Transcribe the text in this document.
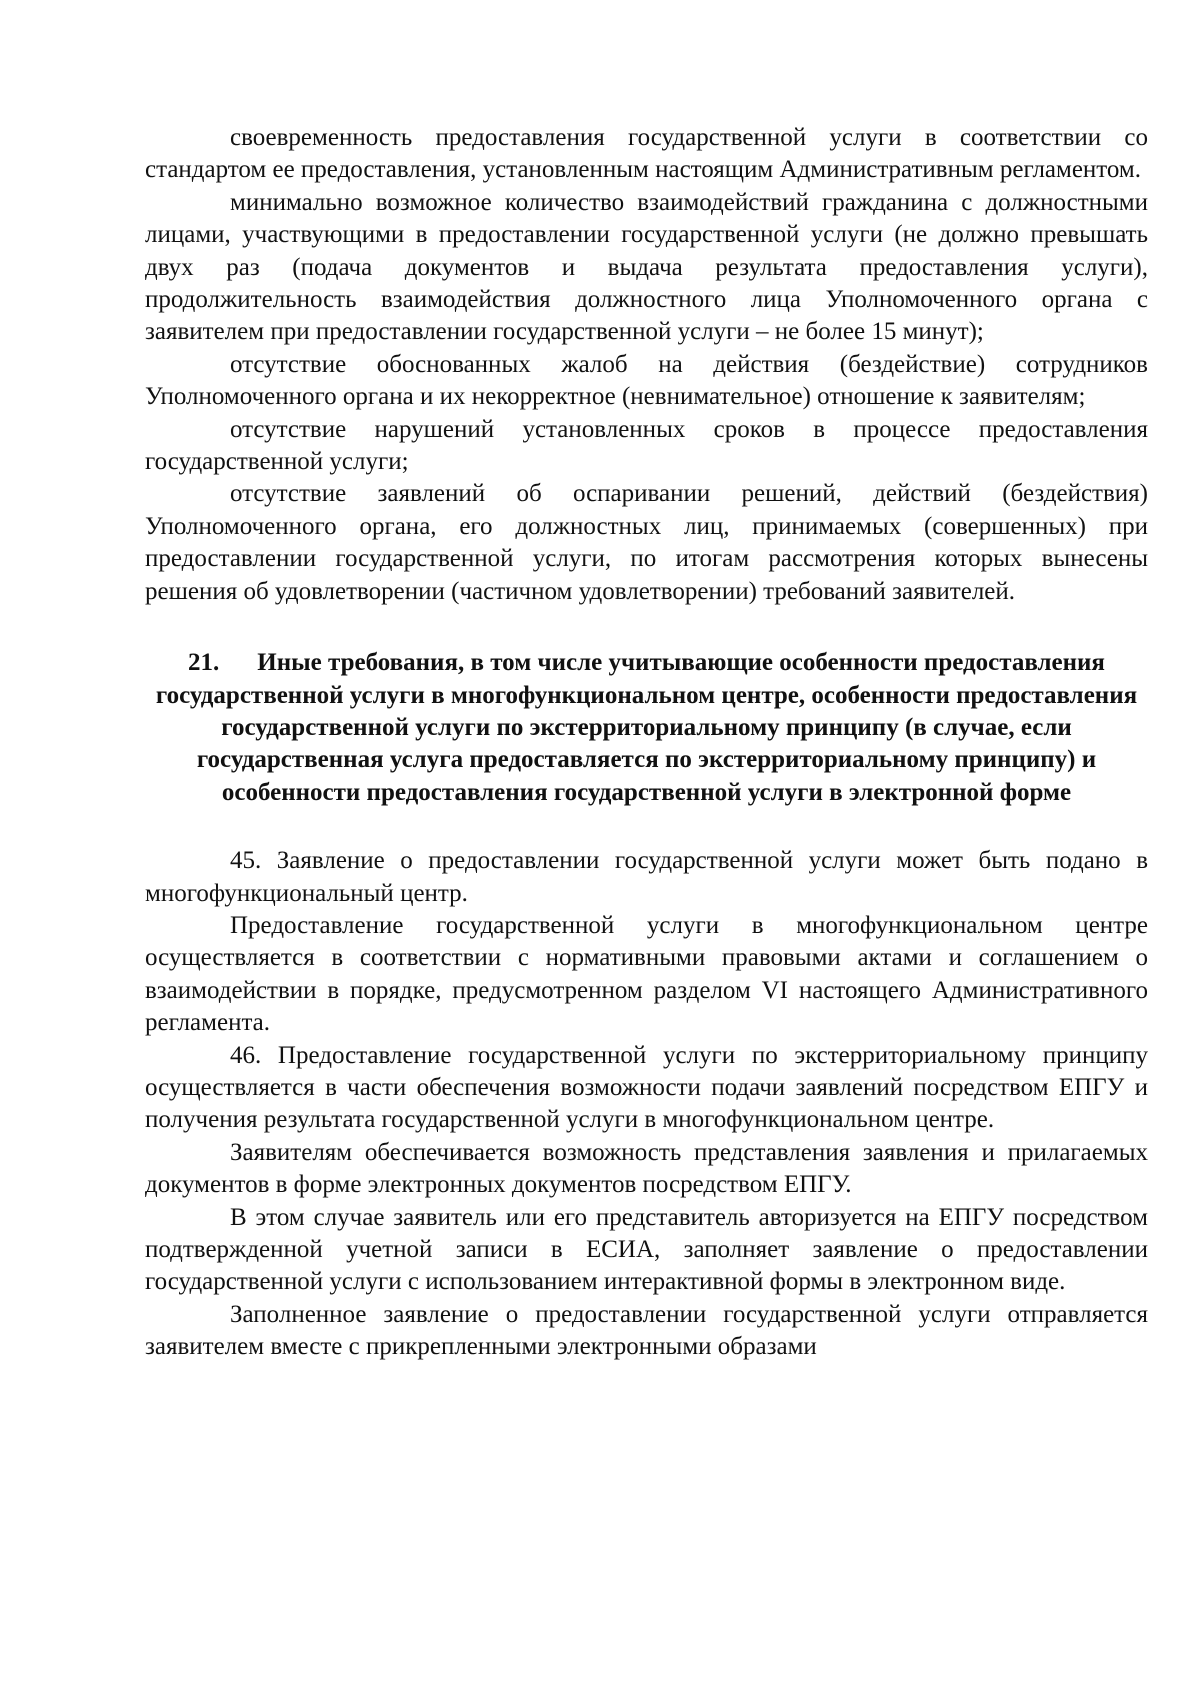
своевременность предоставления государственной услуги в соответствии со стандартом ее предоставления, установленным настоящим Административным регламентом.

минимально возможное количество взаимодействий гражданина с должностными лицами, участвующими в предоставлении государственной услуги (не должно превышать двух раз (подача документов и выдача результата предоставления услуги), продолжительность взаимодействия должностного лица Уполномоченного органа с заявителем при предоставлении государственной услуги – не более 15 минут);

отсутствие обоснованных жалоб на действия (бездействие) сотрудников Уполномоченного органа и их некорректное (невнимательное) отношение к заявителям;

отсутствие нарушений установленных сроков в процессе предоставления государственной услуги;

отсутствие заявлений об оспаривании решений, действий (бездействия) Уполномоченного органа, его должностных лиц, принимаемых (совершенных) при предоставлении государственной услуги, по итогам рассмотрения которых вынесены решения об удовлетворении (частичном удовлетворении) требований заявителей.

21. Иные требования, в том числе учитывающие особенности предоставления государственной услуги в многофункциональном центре, особенности предоставления государственной услуги по экстерриториальному принципу (в случае, если государственная услуга предоставляется по экстерриториальному принципу) и особенности предоставления государственной услуги в электронной форме

45. Заявление о предоставлении государственной услуги может быть подано в многофункциональный центр.

Предоставление государственной услуги в многофункциональном центре осуществляется в соответствии с нормативными правовыми актами и соглашением о взаимодействии в порядке, предусмотренном разделом VI настоящего Административного регламента.

46. Предоставление государственной услуги по экстерриториальному принципу осуществляется в части обеспечения возможности подачи заявлений посредством ЕПГУ и получения результата государственной услуги в многофункциональном центре.

Заявителям обеспечивается возможность представления заявления и прилагаемых документов в форме электронных документов посредством ЕПГУ.

В этом случае заявитель или его представитель авторизуется на ЕПГУ посредством подтвержденной учетной записи в ЕСИА, заполняет заявление о предоставлении государственной услуги с использованием интерактивной формы в электронном виде.

Заполненное заявление о предоставлении государственной услуги отправляется заявителем вместе с прикрепленными электронными образами
